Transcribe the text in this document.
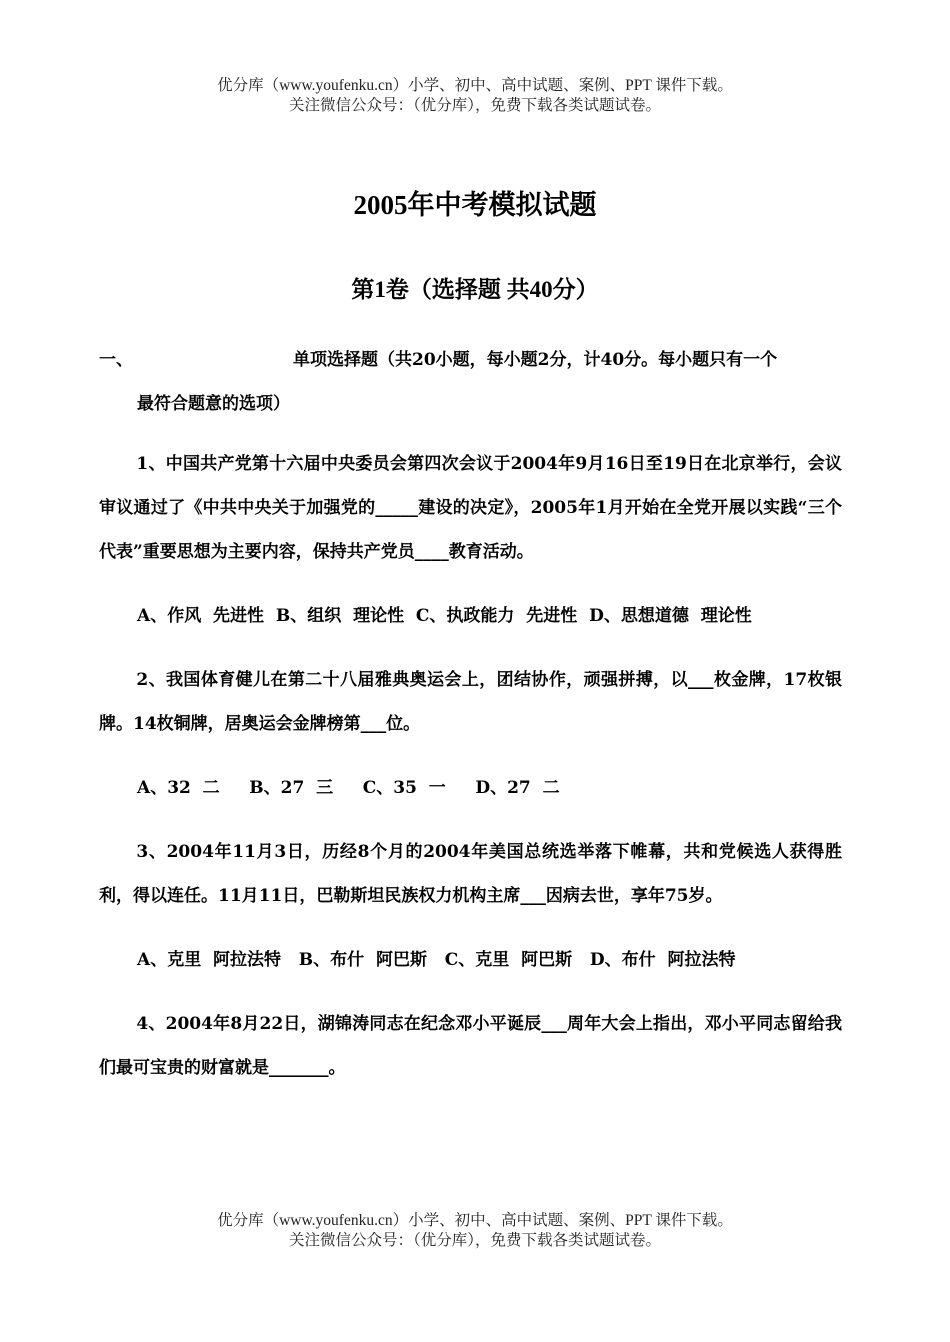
优分库（www.youfenku.cn）小学、初中、高中试题、案例、PPT 课件下载。
关注微信公众号：（优分库），免费下载各类试题试卷。
2005年中考模拟试题
第1卷（选择题 共40分）
一、	单项选择题（共20小题，每小题2分，计40分。每小题只有一个
最符合题意的选项）

1、中国共产党第十六届中央委员会第四次会议于2004年9月16日至19日在北京举行，会议审议通过了《中共中央关于加强党的_____建设的决定》，2005年1月开始在全党开展以实践“三个代表”重要思想为主要内容，保持共产党员____教育活动。

A、作风  先进性  B、组织  理论性  C、执政能力  先进性  D、思想道德  理论性

2、我国体育健儿在第二十八届雅典奥运会上，团结协作，顽强拼搏，以___枚金牌，17枚银牌。14枚铜牌，居奥运会金牌榜第___位。

A、32  二     B、27  三     C、35  一     D、27  二

3、2004年11月3日，历经8个月的2004年美国总统选举落下帷幕，共和党候选人获得胜利，得以连任。11月11日，巴勒斯坦民族权力机构主席___因病去世，享年75岁。

A、克里  阿拉法特   B、布什  阿巴斯   C、克里  阿巴斯   D、布什  阿拉法特

4、2004年8月22日，湖锦涛同志在纪念邓小平诞辰___周年大会上指出，邓小平同志留给我们最可宝贵的财富就是_______。

优分库（www.youfenku.cn）小学、初中、高中试题、案例、PPT 课件下载。
关注微信公众号：（优分库），免费下载各类试题试卷。
